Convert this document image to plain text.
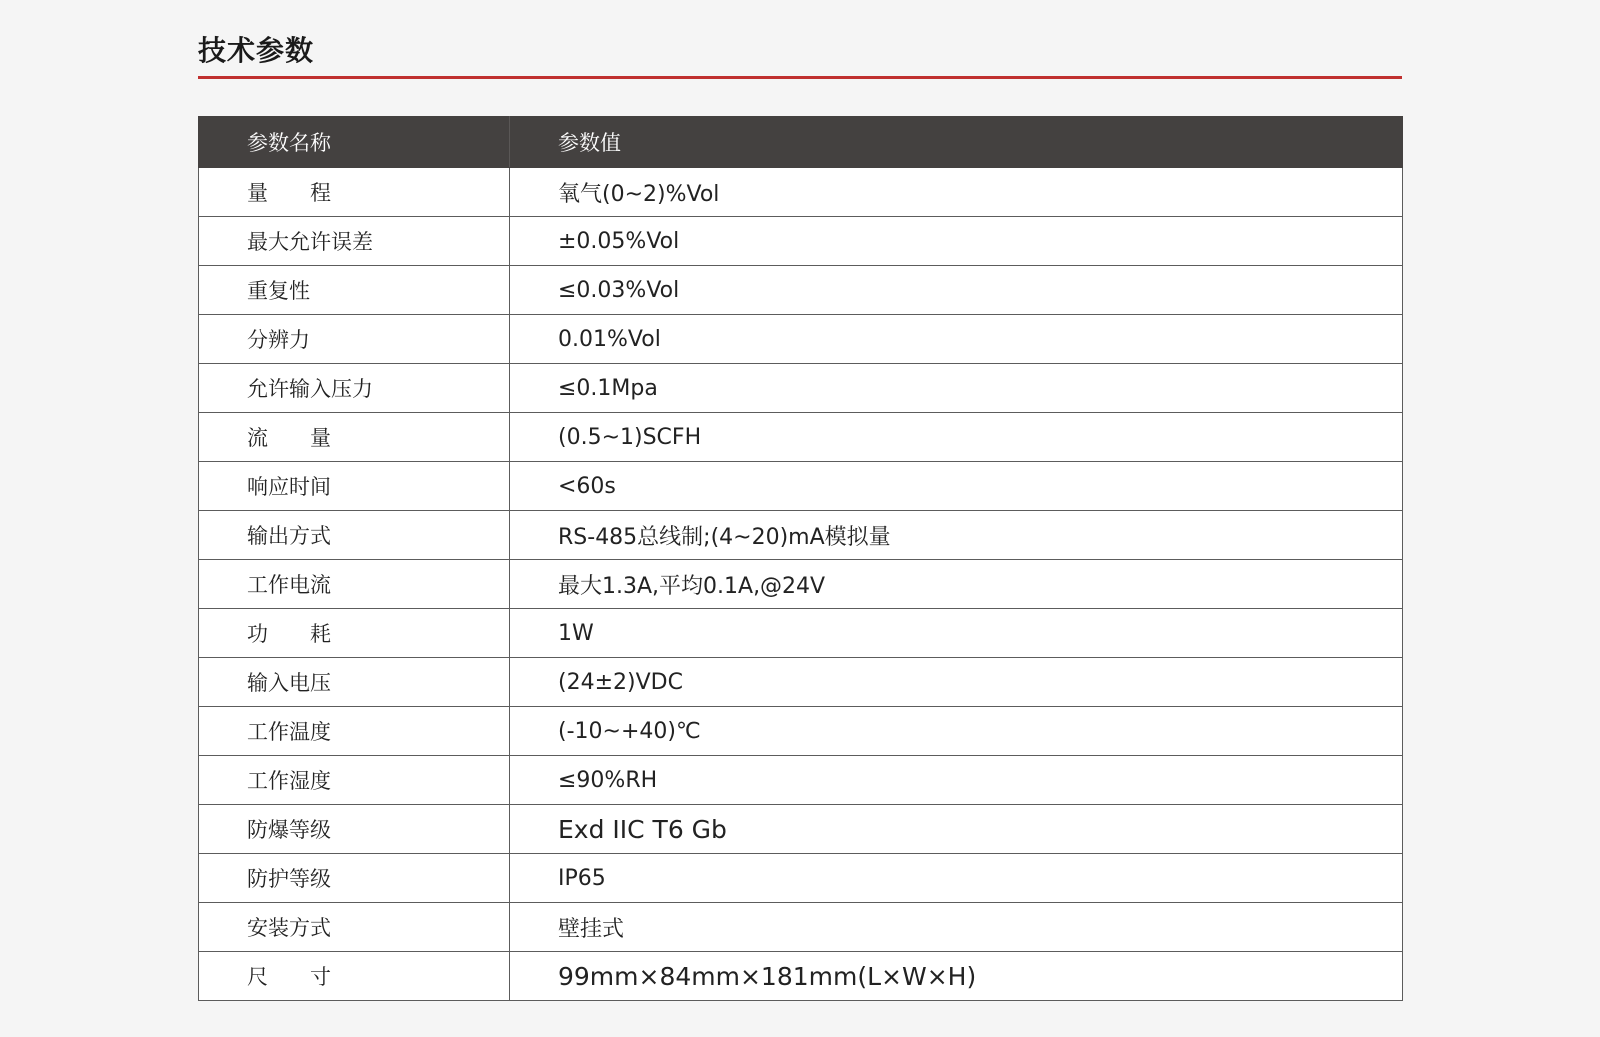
技术参数
参数名称	参数值
量　　程	氧气(0~2)%Vol
最大允许误差	±0.05%Vol
重复性	≤0.03%Vol
分辨力	0.01%Vol
允许输入压力	≤0.1Mpa
流　　量	(0.5~1)SCFH
响应时间	<60s
输出方式	RS-485总线制;(4~20)mA模拟量
工作电流	最大1.3A,平均0.1A,@24V
功　　耗	1W
输入电压	(24±2)VDC
工作温度	(-10~+40)℃
工作湿度	≤90%RH
防爆等级	Exd IIC T6 Gb
防护等级	IP65
安装方式	壁挂式
尺　　寸	99mm×84mm×181mm(L×W×H)
